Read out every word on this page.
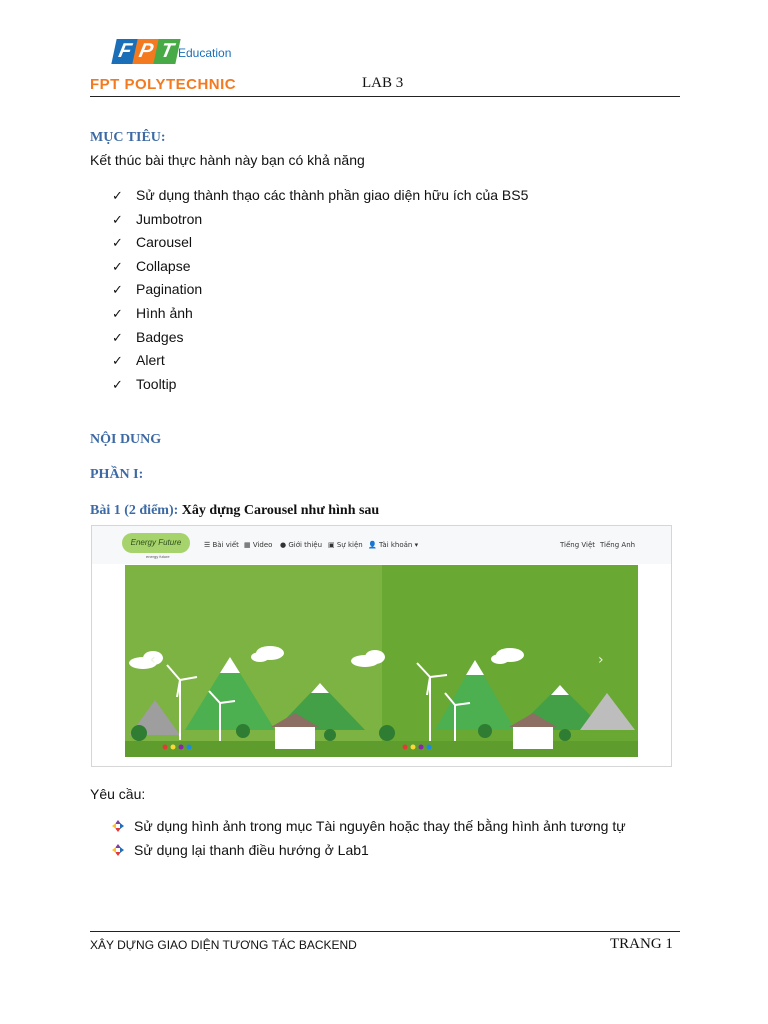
F P T Education
FPT POLYTECHNIC	LAB 3
MỤC TIÊU:
Kết thúc bài thực hành này bạn có khả năng
✓ Sử dụng thành thạo các thành phần giao diện hữu ích của BS5
✓ Jumbotron
✓ Carousel
✓ Collapse
✓ Pagination
✓ Hình ảnh
✓ Badges
✓ Alert
✓ Tooltip
NỘI DUNG
PHẦN I:
Bài 1 (2 điểm): Xây dựng Carousel như hình sau
Energy Future
energy future
☰ Bài viết ▦ Video ● Giới thiệu ▣ Sự kiện 👤 Tài khoản ▾	Tiếng Việt Tiếng Anh
‹	›
Yêu cầu:
Sử dụng hình ảnh trong mục Tài nguyên hoặc thay thế bằng hình ảnh tương tự
Sử dụng lại thanh điều hướng ở Lab1
XÂY DỰNG GIAO DIỆN TƯƠNG TÁC BACKEND	TRANG 1
